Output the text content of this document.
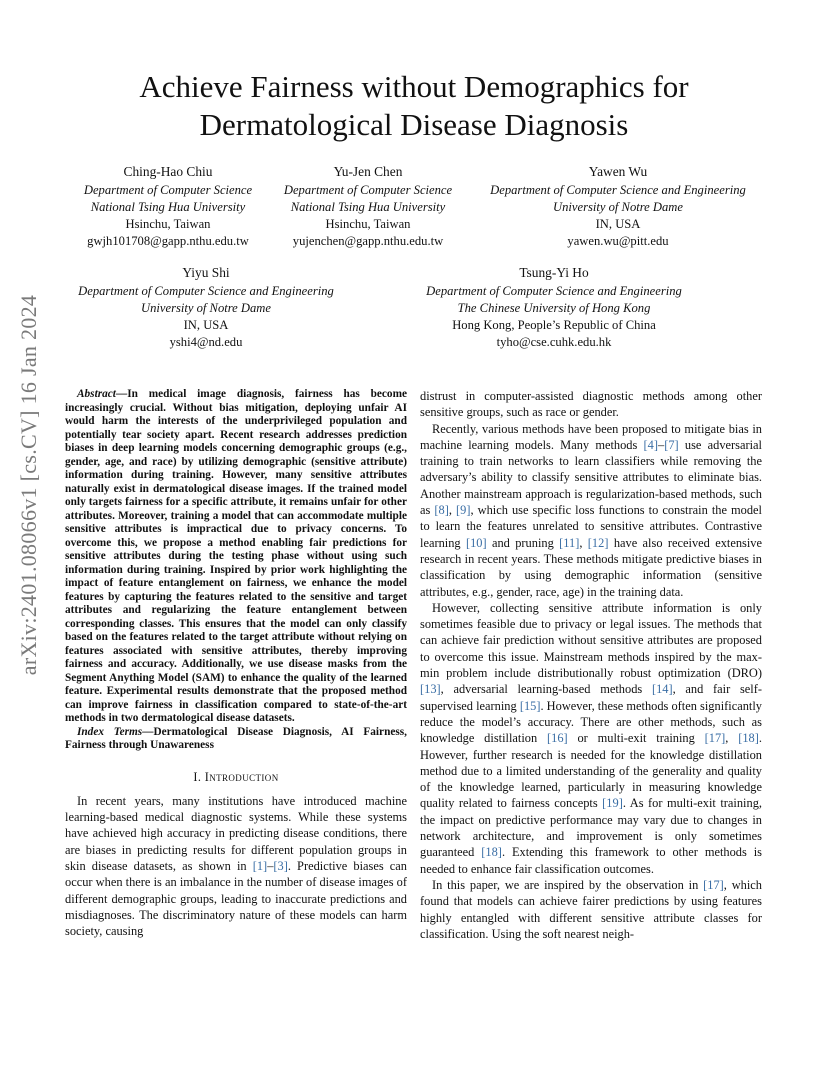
arXiv:2401.08066v1 [cs.CV] 16 Jan 2024
Achieve Fairness without Demographics for Dermatological Disease Diagnosis
Ching-Hao Chiu
Department of Computer Science
National Tsing Hua University
Hsinchu, Taiwan
gwjh101708@gapp.nthu.edu.tw
Yu-Jen Chen
Department of Computer Science
National Tsing Hua University
Hsinchu, Taiwan
yujenchen@gapp.nthu.edu.tw
Yawen Wu
Department of Computer Science and Engineering
University of Notre Dame
IN, USA
yawen.wu@pitt.edu
Yiyu Shi
Department of Computer Science and Engineering
University of Notre Dame
IN, USA
yshi4@nd.edu
Tsung-Yi Ho
Department of Computer Science and Engineering
The Chinese University of Hong Kong
Hong Kong, People’s Republic of China
tyho@cse.cuhk.edu.hk

Abstract—In medical image diagnosis, fairness has become increasingly crucial. Without bias mitigation, deploying unfair AI would harm the interests of the underprivileged population and potentially tear society apart. Recent research addresses prediction biases in deep learning models concerning demographic groups (e.g., gender, age, and race) by utilizing demographic (sensitive attribute) information during training. However, many sensitive attributes naturally exist in dermatological disease images. If the trained model only targets fairness for a specific attribute, it remains unfair for other attributes. Moreover, training a model that can accommodate multiple sensitive attributes is impractical due to privacy concerns. To overcome this, we propose a method enabling fair predictions for sensitive attributes during the testing phase without using such information during training. Inspired by prior work highlighting the impact of feature entanglement on fairness, we enhance the model features by capturing the features related to the sensitive and target attributes and regularizing the feature entanglement between corresponding classes. This ensures that the model can only classify based on the features related to the target attribute without relying on features associated with sensitive attributes, thereby improving fairness and accuracy. Additionally, we use disease masks from the Segment Anything Model (SAM) to enhance the quality of the learned feature. Experimental results demonstrate that the proposed method can improve fairness in classification compared to state-of-the-art methods in two dermatological disease datasets.

Index Terms—Dermatological Disease Diagnosis, AI Fairness, Fairness through Unawareness

I. Introduction

In recent years, many institutions have introduced machine learning-based medical diagnostic systems. While these systems have achieved high accuracy in predicting disease conditions, there are biases in predicting results for different population groups in skin disease datasets, as shown in [1]–[3]. Predictive biases can occur when there is an imbalance in the number of disease images of different demographic groups, leading to inaccurate predictions and misdiagnoses. The discriminatory nature of these models can harm society, causing

distrust in computer-assisted diagnostic methods among other sensitive groups, such as race or gender.

Recently, various methods have been proposed to mitigate bias in machine learning models. Many methods [4]–[7] use adversarial training to train networks to learn classifiers while removing the adversary’s ability to classify sensitive attributes to eliminate bias. Another mainstream approach is regularization-based methods, such as [8], [9], which use specific loss functions to constrain the model to learn the features unrelated to sensitive attributes. Contrastive learning [10] and pruning [11], [12] have also received extensive research in recent years. These methods mitigate predictive biases in classification by using demographic information (sensitive attributes, e.g., gender, race, age) in the training data.

However, collecting sensitive attribute information is only sometimes feasible due to privacy or legal issues. The methods that can achieve fair prediction without sensitive attributes are proposed to overcome this issue. Mainstream methods inspired by the max-min problem include distributionally robust optimization (DRO) [13], adversarial learning-based methods [14], and fair self-supervised learning [15]. However, these methods often significantly reduce the model’s accuracy. There are other methods, such as knowledge distillation [16] or multi-exit training [17], [18]. However, further research is needed for the knowledge distillation method due to a limited understanding of the generality and quality of the knowledge learned, particularly in measuring knowledge quality related to fairness concepts [19]. As for multi-exit training, the impact on predictive performance may vary due to changes in network architecture, and improvement is only sometimes guaranteed [18]. Extending this framework to other methods is needed to enhance fair classification outcomes.

In this paper, we are inspired by the observation in [17], which found that models can achieve fairer predictions by using features highly entangled with different sensitive attribute classes for classification. Using the soft nearest neigh-
